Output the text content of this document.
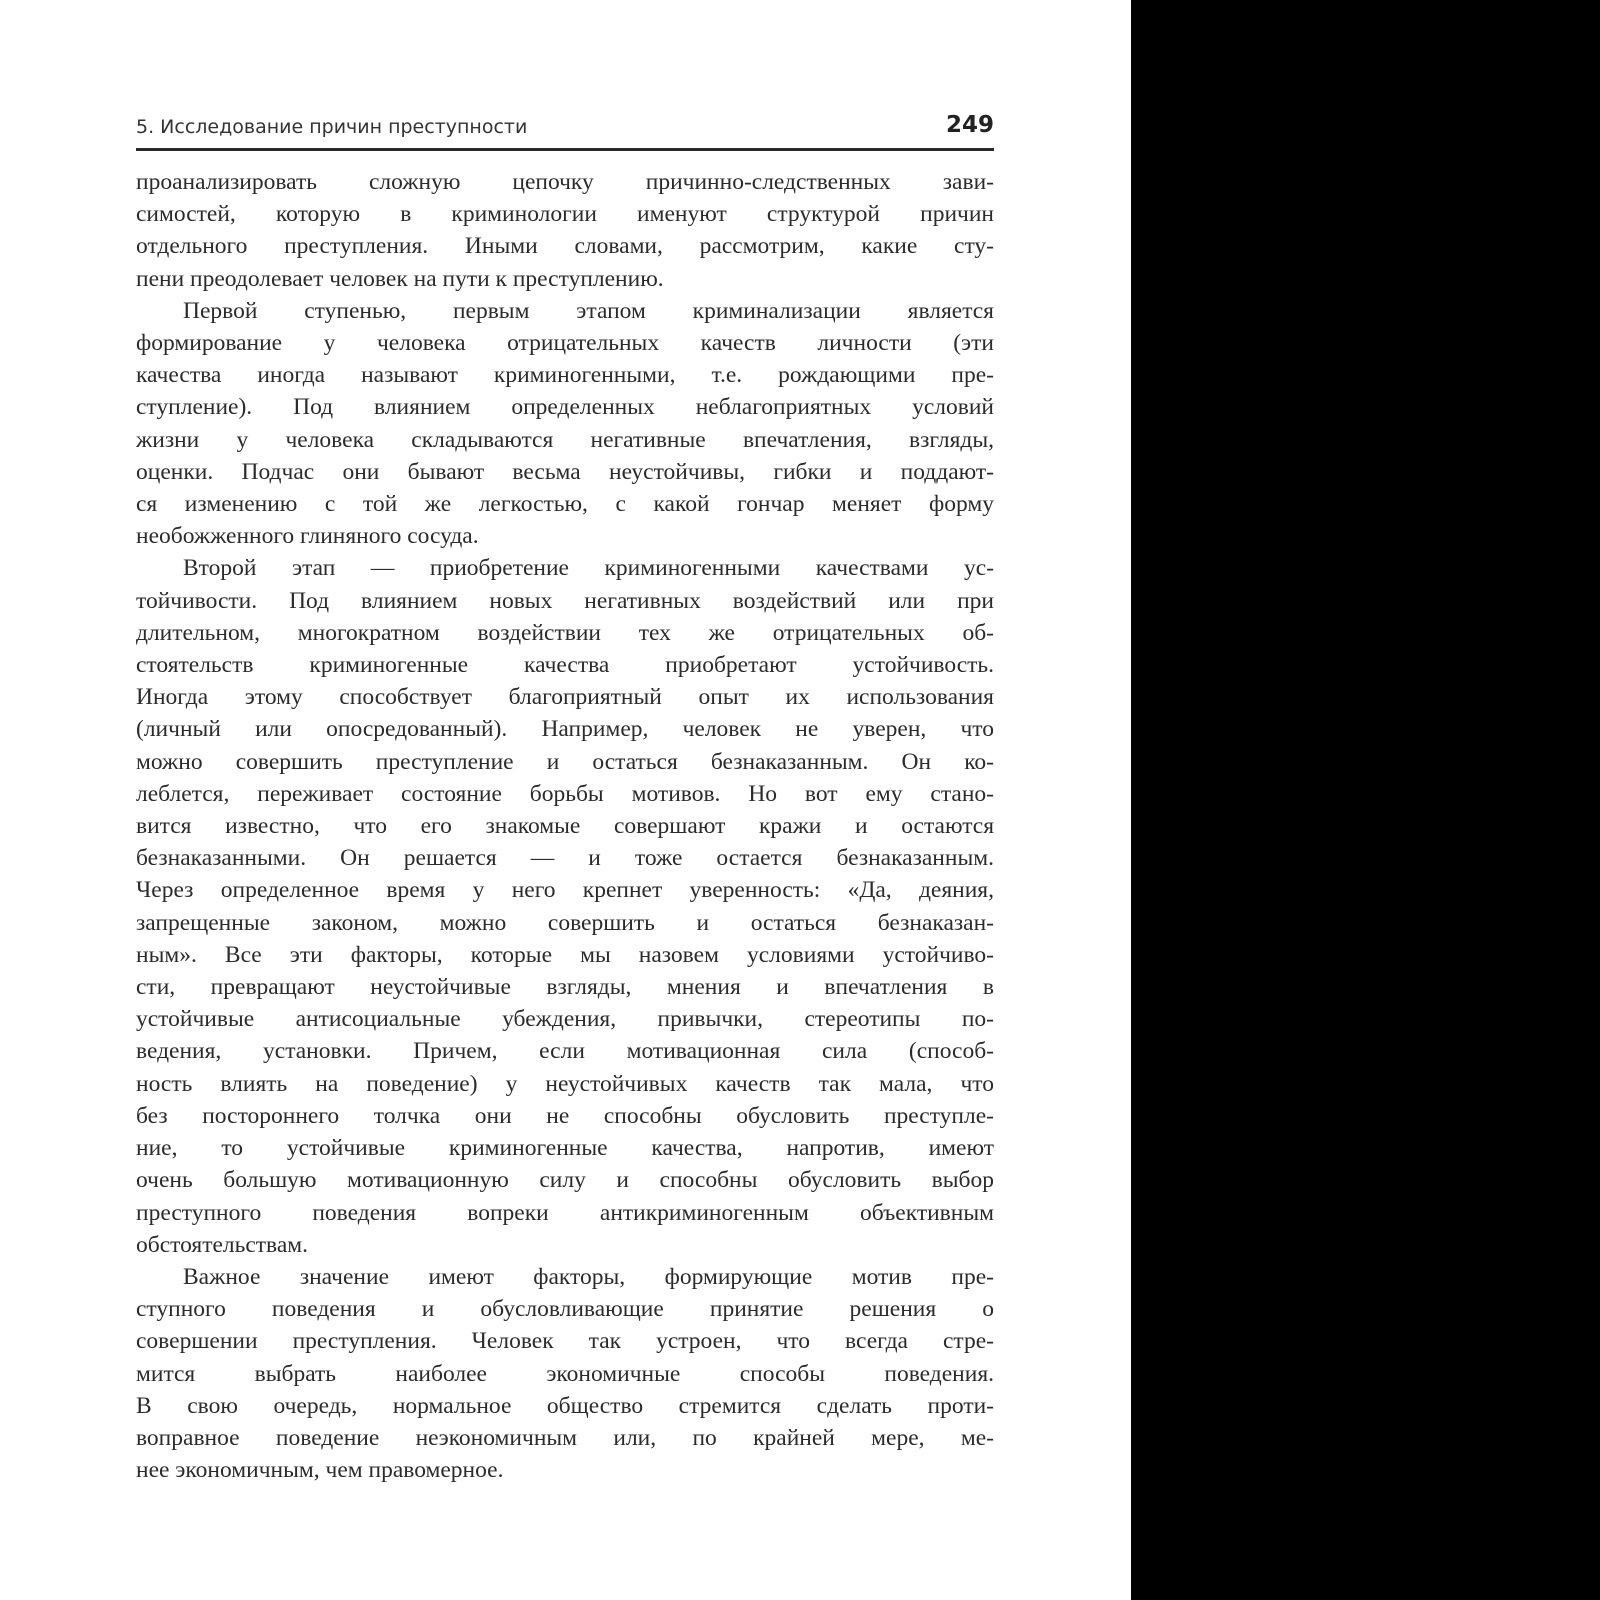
5. Исследование причин преступности	249

проанализировать сложную цепочку причинно-следственных зави-

симостей, которую в криминологии именуют структурой причин

отдельного преступления. Иными словами, рассмотрим, какие сту-

пени преодолевает человек на пути к преступлению.

Первой ступенью, первым этапом криминализации является

формирование у человека отрицательных качеств личности (эти

качества иногда называют криминогенными, т.е. рождающими пре-

ступление). Под влиянием определенных неблагоприятных условий

жизни у человека складываются негативные впечатления, взгляды,

оценки. Подчас они бывают весьма неустойчивы, гибки и поддают-

ся изменению с той же легкостью, с какой гончар меняет форму

необожженного глиняного сосуда.

Второй этап — приобретение криминогенными качествами ус-

тойчивости. Под влиянием новых негативных воздействий или при

длительном, многократном воздействии тех же отрицательных об-

стоятельств криминогенные качества приобретают устойчивость.

Иногда этому способствует благоприятный опыт их использования

(личный или опосредованный). Например, человек не уверен, что

можно совершить преступление и остаться безнаказанным. Он ко-

леблется, переживает состояние борьбы мотивов. Но вот ему стано-

вится известно, что его знакомые совершают кражи и остаются

безнаказанными. Он решается — и тоже остается безнаказанным.

Через определенное время у него крепнет уверенность: «Да, деяния,

запрещенные законом, можно совершить и остаться безнаказан-

ным». Все эти факторы, которые мы назовем условиями устойчиво-

сти, превращают неустойчивые взгляды, мнения и впечатления в

устойчивые антисоциальные убеждения, привычки, стереотипы по-

ведения, установки. Причем, если мотивационная сила (способ-

ность влиять на поведение) у неустойчивых качеств так мала, что

без постороннего толчка они не способны обусловить преступле-

ние, то устойчивые криминогенные качества, напротив, имеют

очень большую мотивационную силу и способны обусловить выбор

преступного поведения вопреки антикриминогенным объективным

обстоятельствам.

Важное значение имеют факторы, формирующие мотив пре-

ступного поведения и обусловливающие принятие решения о

совершении преступления. Человек так устроен, что всегда стре-

мится выбрать наиболее экономичные способы поведения.

В свою очередь, нормальное общество стремится сделать проти-

воправное поведение неэкономичным или, по крайней мере, ме-

нее экономичным, чем правомерное.
